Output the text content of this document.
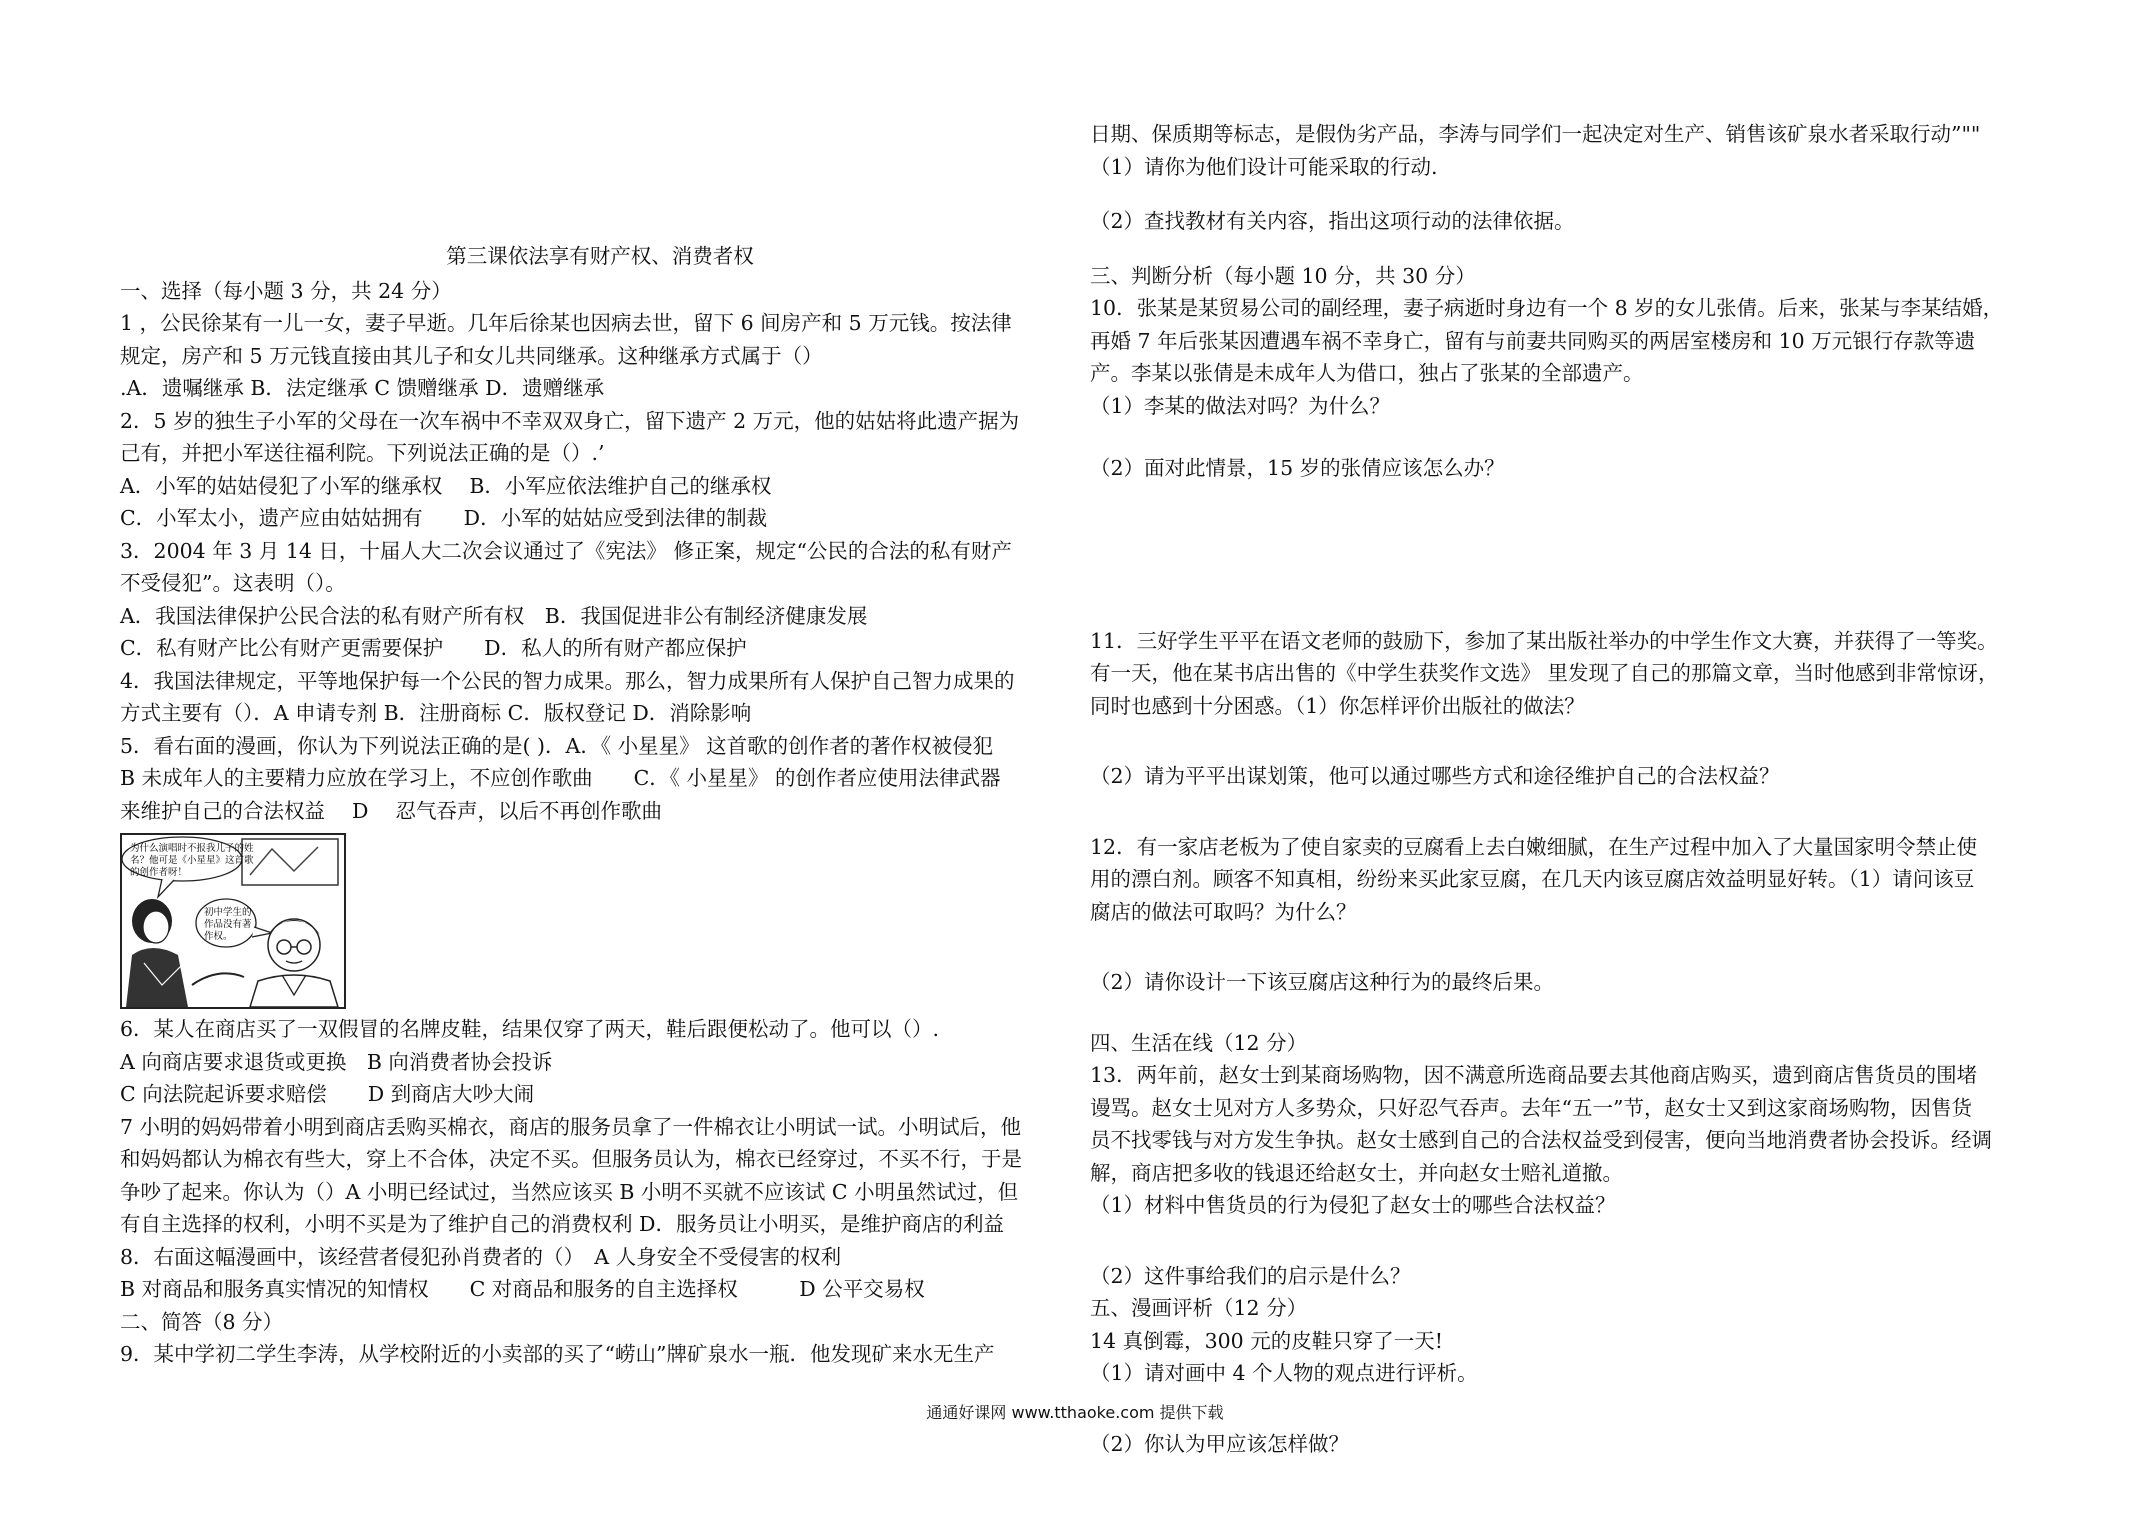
第三课依法享有财产权、消费者权

一、选择（每小题 3 分，共 24 分）

1 ，公民徐某有一儿一女，妻子早逝。几年后徐某也因病去世，留下 6 间房产和 5 万元钱。按法律

规定，房产和 5 万元钱直接由其儿子和女儿共同继承。这种继承方式属于（）

.A．遗嘱继承 B．法定继承 C 馈赠继承 D．遗赠继承

2．5 岁的独生子小军的父母在一次车祸中不幸双双身亡，留下遗产 2 万元，他的姑姑将此遗产据为

己有，并把小军送往福利院。下列说法正确的是（）.’

A．小军的姑姑侵犯了小军的继承权　 B．小军应依法维护自己的继承权

C．小军太小，遗产应由姑姑拥有　　D．小军的姑姑应受到法律的制裁

3．2004 年 3 月 14 日，十届人大二次会议通过了《宪法》 修正案，规定“公民的合法的私有财产

不受侵犯”。这表明（）。

A．我国法律保护公民合法的私有财产所有权　B．我国促进非公有制经济健康发展

C．私有财产比公有财产更需要保护　　D．私人的所有财产都应保护

4．我国法律规定，平等地保护每一个公民的智力成果。那么，智力成果所有人保护自己智力成果的

方式主要有（）．A 申请专剂 B．注册商标 C．版权登记 D．消除影响

5．看右面的漫画，你认为下列说法正确的是( )．A．《 小星星》 这首歌的创作者的著作权被侵犯

B 未成年人的主要精力应放在学习上，不应创作歌曲　　C．《 小星星》 的创作者应使用法律武器

来维护自己的合法权益　 D　 忍气吞声，以后不再创作歌曲

为什么演唱时不报我儿子的姓
名？他可是《小星星》这首歌
的创作者呀！
初中学生的
作品没有著
作权。

6．某人在商店买了一双假冒的名牌皮鞋，结果仅穿了两天，鞋后跟便松动了。他可以（）.

A 向商店要求退货或更换　B 向消费者协会投诉

C 向法院起诉要求赔偿　　D 到商店大吵大闹

7 小明的妈妈带着小明到商店丢购买棉衣，商店的服务员拿了一件棉衣让小明试一试。小明试后，他

和妈妈都认为棉衣有些大，穿上不合体，决定不买。但服务员认为，棉衣已经穿过，不买不行，于是

争吵了起来。你认为（）A 小明已经试过，当然应该买 B 小明不买就不应该试 C 小明虽然试过，但

有自主选择的权利，小明不买是为了维护自己的消费权利 D．服务员让小明买，是维护商店的利益

8．右面这幅漫画中，该经营者侵犯孙肖费者的（）　A 人身安全不受侵害的权利

B 对商品和服务真实情况的知情权　　C 对商品和服务的自主选择权　　　D 公平交易权

二、简答（8 分）

9．某中学初二学生李涛，从学校附近的小卖部的买了“崂山”牌矿泉水一瓶．他发现矿来水无生产

日期、保质期等标志，是假伪劣产品，李涛与同学们一起决定对生产、销售该矿泉水者采取行动”""

（1）请你为他们设计可能采取的行动.

（2）查找教材有关内容，指出这项行动的法律依据。

三、判断分析（每小题 10 分，共 30 分）

10．张某是某贸易公司的副经理，妻子病逝时身边有一个 8 岁的女儿张倩。后来，张某与李某结婚，

再婚 7 年后张某因遭遇车祸不幸身亡，留有与前妻共同购买的两居室楼房和 10 万元银行存款等遗

产。李某以张倩是未成年人为借口，独占了张某的全部遗产。

（1）李某的做法对吗？为什么？

（2）面对此情景，15 岁的张倩应该怎么办？

11．三好学生平平在语文老师的鼓励下，参加了某出版社举办的中学生作文大赛，并获得了一等奖。

有一天，他在某书店出售的《中学生获奖作文选》 里发现了自己的那篇文章，当时他感到非常惊讶，

同时也感到十分困惑。（1）你怎样评价出版社的做法？

（2）请为平平出谋划策，他可以通过哪些方式和途径维护自己的合法权益？

12．有一家店老板为了使自家卖的豆腐看上去白嫩细腻，在生产过程中加入了大量国家明令禁止使

用的漂白剂。顾客不知真相，纷纷来买此家豆腐，在几天内该豆腐店效益明显好转。（1）请问该豆

腐店的做法可取吗？为什么？

（2）请你设计一下该豆腐店这种行为的最终后果。

四、生活在线（12 分）

13．两年前，赵女士到某商场购物，因不满意所选商品要去其他商店购买，遗到商店售货员的围堵

谩骂。赵女士见对方人多势众，只好忍气吞声。去年“五一”节，赵女士又到这家商场购物，因售货

员不找零钱与对方发生争执。赵女士感到自己的合法权益受到侵害，便向当地消费者协会投诉。经调

解，商店把多收的钱退还给赵女士，并向赵女士赔礼道撤。

（1）材料中售货员的行为侵犯了赵女士的哪些合法权益？

（2）这件事给我们的启示是什么？

五、漫画评析（12 分）

14 真倒霉，300 元的皮鞋只穿了一天!

（1）请对画中 4 个人物的观点进行评析。

（2）你认为甲应该怎样做？

通通好课网 www.tthaoke.com 提供下载
